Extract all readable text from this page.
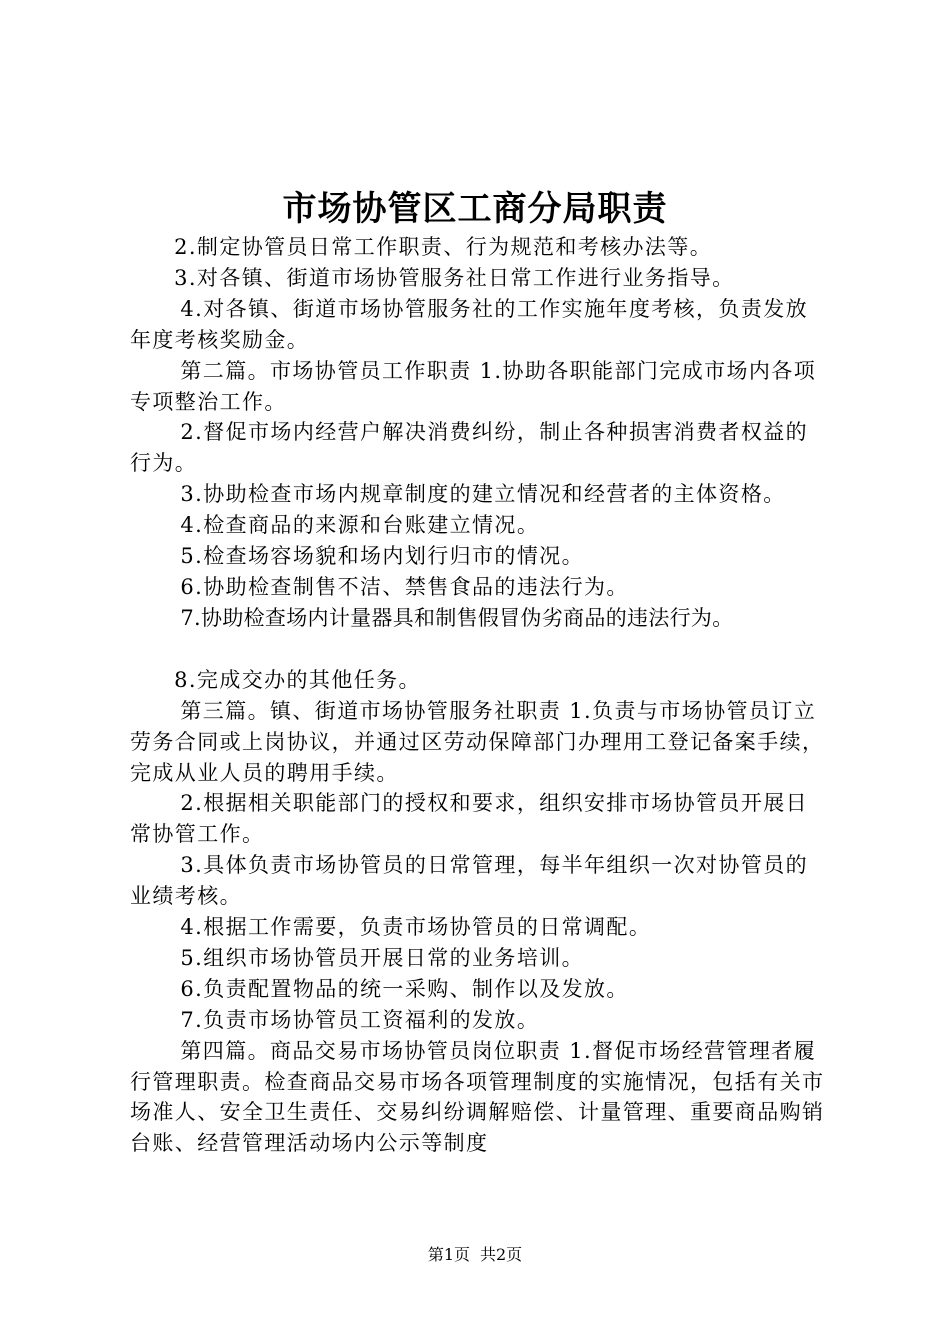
市场协管区工商分局职责

2.制定协管员日常工作职责、行为规范和考核办法等。

3.对各镇、街道市场协管服务社日常工作进行业务指导。

4.对各镇、街道市场协管服务社的工作实施年度考核，负责发放年度考核奖励金。

第二篇。市场协管员工作职责 1.协助各职能部门完成市场内各项专项整治工作。

2.督促市场内经营户解决消费纠纷，制止各种损害消费者权益的行为。

3.协助检查市场内规章制度的建立情况和经营者的主体资格。

4.检查商品的来源和台账建立情况。

5.检查场容场貌和场内划行归市的情况。

6.协助检查制售不洁、禁售食品的违法行为。

7.协助检查场内计量器具和制售假冒伪劣商品的违法行为。

8.完成交办的其他任务。

第三篇。镇、街道市场协管服务社职责 1.负责与市场协管员订立劳务合同或上岗协议，并通过区劳动保障部门办理用工登记备案手续，完成从业人员的聘用手续。

2.根据相关职能部门的授权和要求，组织安排市场协管员开展日常协管工作。

3.具体负责市场协管员的日常管理，每半年组织一次对协管员的业绩考核。

4.根据工作需要，负责市场协管员的日常调配。

5.组织市场协管员开展日常的业务培训。

6.负责配置物品的统一采购、制作以及发放。

7.负责市场协管员工资福利的发放。

第四篇。商品交易市场协管员岗位职责 1.督促市场经营管理者履行管理职责。检查商品交易市场各项管理制度的实施情况，包括有关市场准人、安全卫生责任、交易纠纷调解赔偿、计量管理、重要商品购销台账、经营管理活动场内公示等制度

第1页 共2页
